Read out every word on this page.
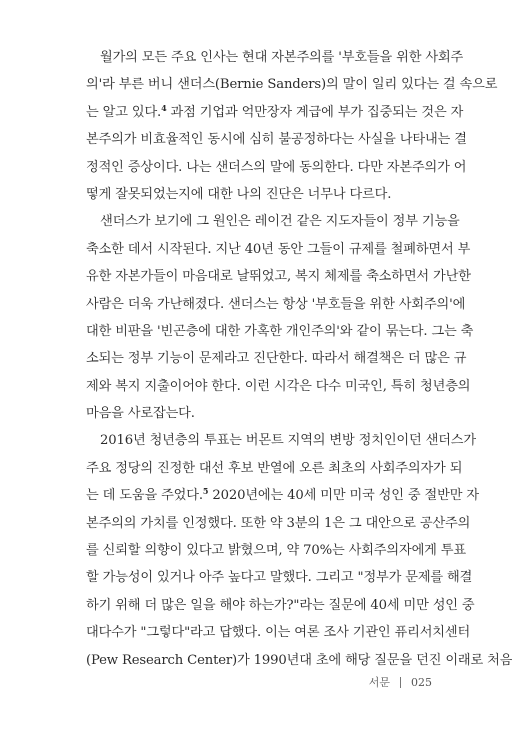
월가의 모든 주요 인사는 현대 자본주의를 '부호들을 위한 사회주
의'라 부른 버니 샌더스(Bernie Sanders)의 말이 일리 있다는 걸 속으로
는 알고 있다.$^4$ 과점 기업과 억만장자 계급에 부가 집중되는 것은 자
본주의가 비효율적인 동시에 심히 불공정하다는 사실을 나타내는 결
정적인 증상이다. 나는 샌더스의 말에 동의한다. 다만 자본주의가 어
떻게 잘못되었는지에 대한 나의 진단은 너무나 다르다.
샌더스가 보기에 그 원인은 레이건 같은 지도자들이 정부 기능을
축소한 데서 시작된다. 지난 40년 동안 그들이 규제를 철폐하면서 부
유한 자본가들이 마음대로 날뛰었고, 복지 체제를 축소하면서 가난한
사람은 더욱 가난해졌다. 샌더스는 항상 '부호들을 위한 사회주의'에
대한 비판을 '빈곤층에 대한 가혹한 개인주의'와 같이 묶는다. 그는 축
소되는 정부 기능이 문제라고 진단한다. 따라서 해결책은 더 많은 규
제와 복지 지출이어야 한다. 이런 시각은 다수 미국인, 특히 청년층의
마음을 사로잡는다.
2016년 청년층의 투표는 버몬트 지역의 변방 정치인이던 샌더스가
주요 정당의 진정한 대선 후보 반열에 오른 최초의 사회주의자가 되
는 데 도움을 주었다.$^5$ 2020년에는 40세 미만 미국 성인 중 절반만 자
본주의의 가치를 인정했다. 또한 약 3분의 1은 그 대안으로 공산주의
를 신뢰할 의향이 있다고 밝혔으며, 약 70%는 사회주의자에게 투표
할 가능성이 있거나 아주 높다고 말했다. 그리고 "정부가 문제를 해결
하기 위해 더 많은 일을 해야 하는가?"라는 질문에 40세 미만 성인 중
대다수가 "그렇다"라고 답했다. 이는 여론 조사 기관인 퓨리서치센터
(Pew Research Center)가 1990년대 초에 해당 질문을 던진 이래로 처음
서문 025
